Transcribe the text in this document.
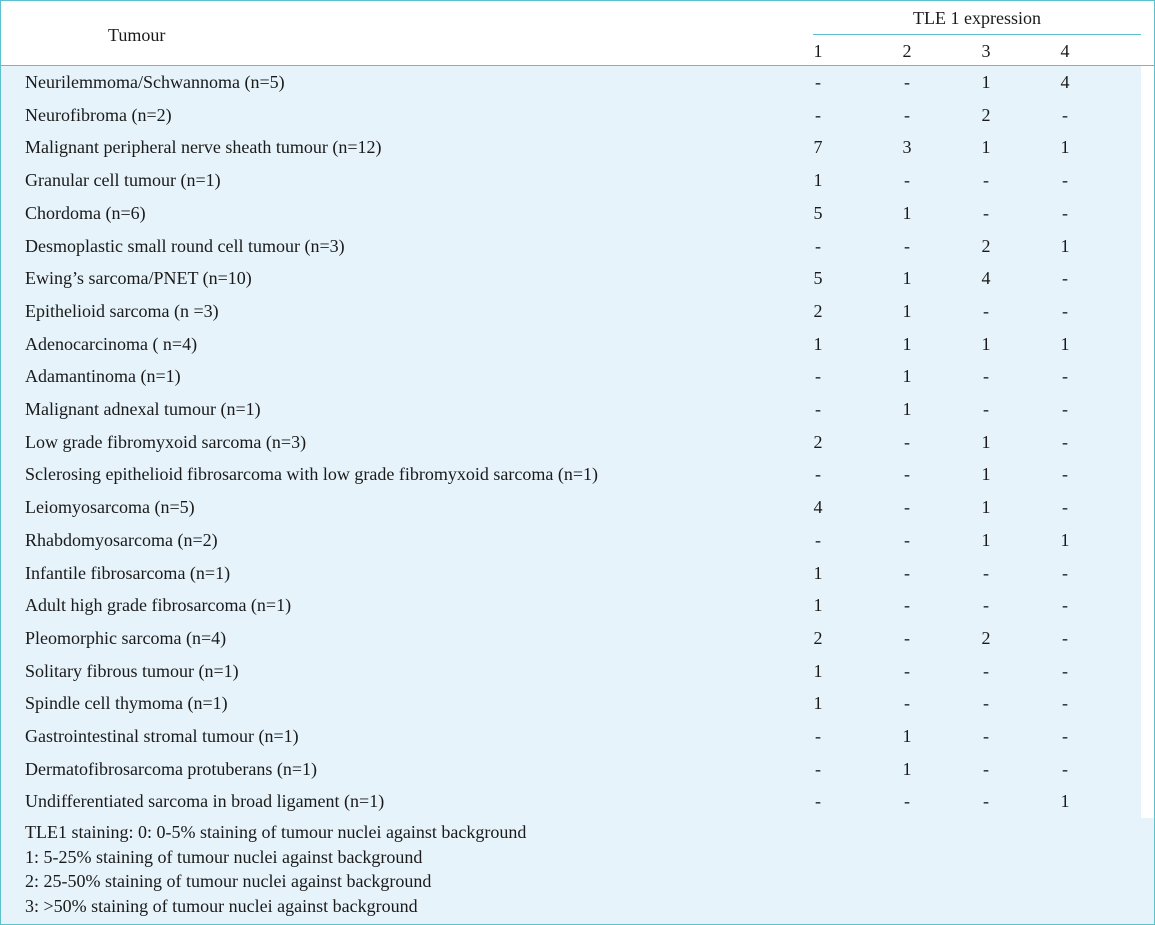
Tumour
TLE 1 expression
1	2	3	4
Neurilemmoma/Schwannoma (n=5)	-	-	1	4
Neurofibroma (n=2)	-	-	2	-
Malignant peripheral nerve sheath tumour (n=12)	7	3	1	1
Granular cell tumour (n=1)	1	-	-	-
Chordoma (n=6)	5	1	-	-
Desmoplastic small round cell tumour (n=3)	-	-	2	1
Ewing’s sarcoma/PNET (n=10)	5	1	4	-
Epithelioid sarcoma (n =3)	2	1	-	-
Adenocarcinoma ( n=4)	1	1	1	1
Adamantinoma (n=1)	-	1	-	-
Malignant adnexal tumour (n=1)	-	1	-	-
Low grade fibromyxoid sarcoma (n=3)	2	-	1	-
Sclerosing epithelioid fibrosarcoma with low grade fibromyxoid sarcoma (n=1)	-	-	1	-
Leiomyosarcoma (n=5)	4	-	1	-
Rhabdomyosarcoma (n=2)	-	-	1	1
Infantile fibrosarcoma (n=1)	1	-	-	-
Adult high grade fibrosarcoma (n=1)	1	-	-	-
Pleomorphic sarcoma (n=4)	2	-	2	-
Solitary fibrous tumour (n=1)	1	-	-	-
Spindle cell thymoma (n=1)	1	-	-	-
Gastrointestinal stromal tumour (n=1)	-	1	-	-
Dermatofibrosarcoma protuberans (n=1)	-	1	-	-
Undifferentiated sarcoma in broad ligament (n=1)	-	-	-	1
TLE1 staining: 0: 0-5% staining of tumour nuclei against background
1: 5-25% staining of tumour nuclei against background
2: 25-50% staining of tumour nuclei against background
3: >50% staining of tumour nuclei against background
